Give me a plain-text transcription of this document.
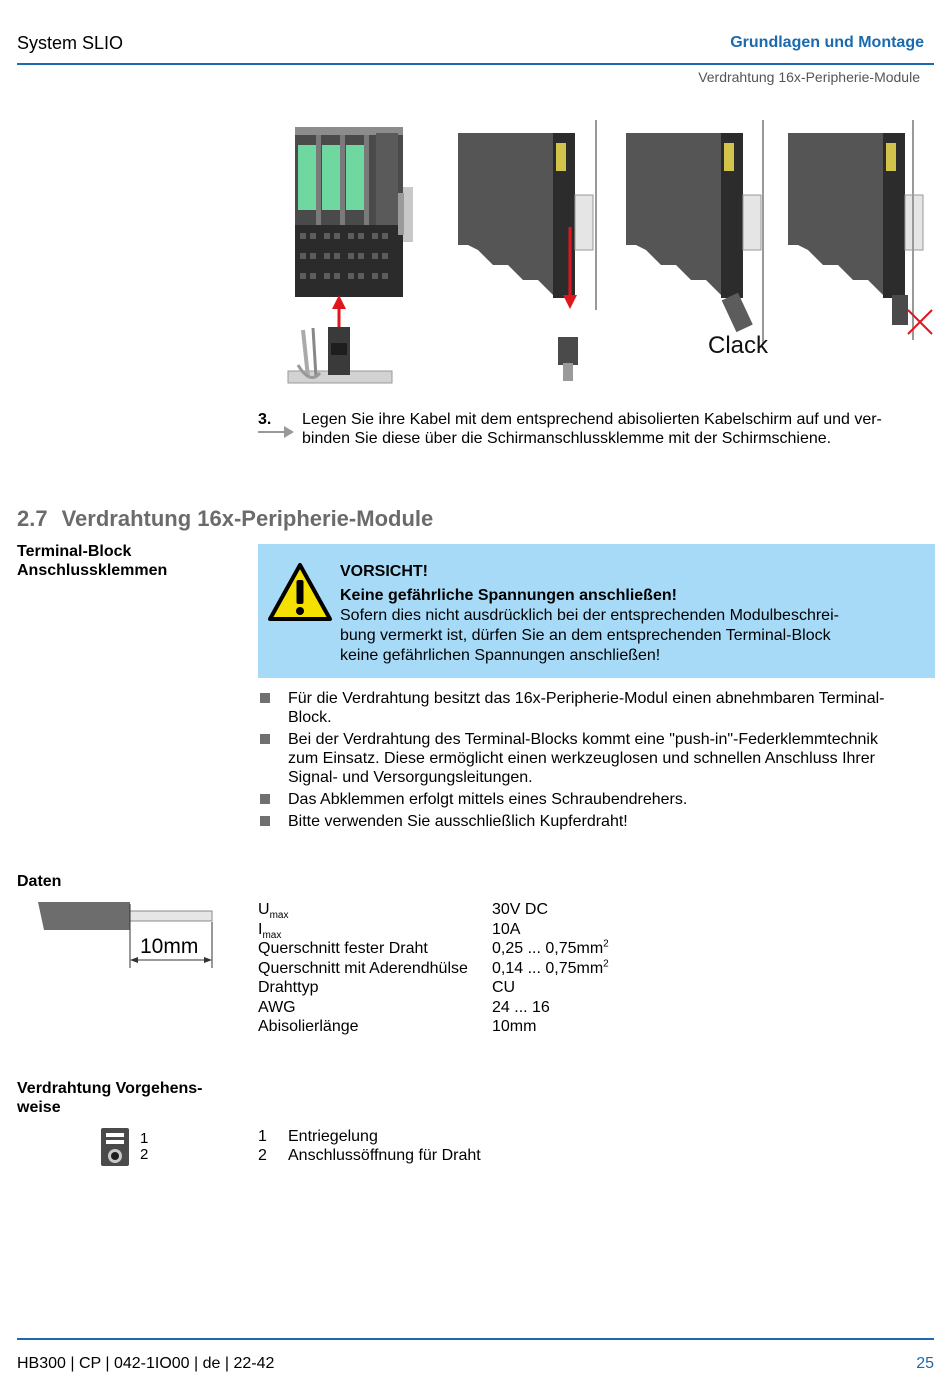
System SLIO	Grundlagen und Montage
Verdrahtung 16x-Peripherie-Module
Clack
3. Legen Sie ihre Kabel mit dem entsprechend abisolierten Kabelschirm auf und ver-
binden Sie diese über die Schirmanschlussklemme mit der Schirmschiene.
2.7 Verdrahtung 16x-Peripherie-Module
Terminal-Block
Anschlussklemmen	VORSICHT!
Keine gefährliche Spannungen anschließen!
Sofern dies nicht ausdrücklich bei der entsprechenden Modulbeschrei-
bung vermerkt ist, dürfen Sie an dem entsprechenden Terminal-Block
keine gefährlichen Spannungen anschließen!
Für die Verdrahtung besitzt das 16x-Peripherie-Modul einen abnehmbaren Terminal-
Block.
Bei der Verdrahtung des Terminal-Blocks kommt eine "push-in"-Federklemmtechnik
zum Einsatz. Diese ermöglicht einen werkzeuglosen und schnellen Anschluss Ihrer
Signal- und Versorgungsleitungen.
Das Abklemmen erfolgt mittels eines Schraubendrehers.
Bitte verwenden Sie ausschließlich Kupferdraht!
Daten
10mm
$U_{max}$	30V DC
$I_{max}$	10A
Querschnitt fester Draht	0,25 ... $0,75mm^2$
Querschnitt mit Aderendhülse	0,14 ... $0,75mm^2$
Drahttyp	CU
AWG	24 ... 16
Abisolierlänge	10mm
Verdrahtung Vorgehens-
weise
1
2
1	Entriegelung
2	Anschlussöffnung für Draht
HB300 | CP | 042-1IO00 | de | 22-42	25
